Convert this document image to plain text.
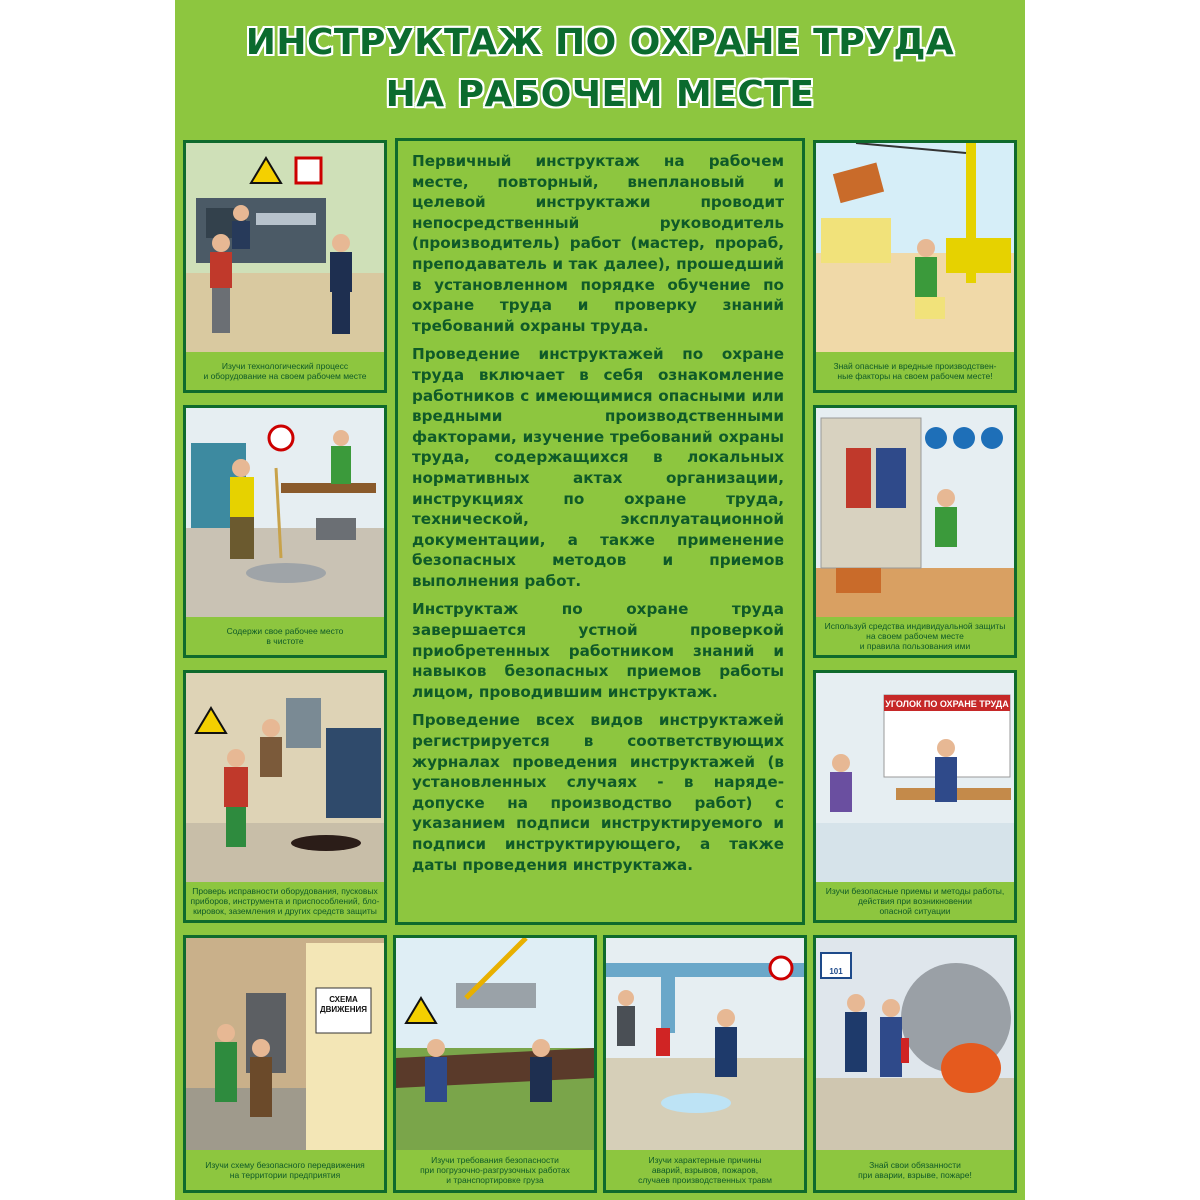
ИНСТРУКТАЖ ПО ОХРАНЕ ТРУДА
НА РАБОЧЕМ МЕСТЕ
Изучи технологический процесс
и оборудование на своем рабочем месте
Содержи свое рабочее место
в чистоте
Проверь исправности оборудования, пусковых
приборов, инструмента и приспособлений, бло-
кировок, заземления и других средств защиты
СХЕМА
ДВИЖЕНИЯ
Изучи схему безопасного передвижения
на территории предприятия
Изучи требования безопасности
при погрузочно-разгрузочных работах
и транспортировке груза
Изучи характерные причины
аварий, взрывов, пожаров,
случаев производственных травм
101
Знай свои обязанности
при аварии, взрыве, пожаре!
Знай опасные и вредные производствен-
ные факторы на своем рабочем месте!
Используй средства индивидуальной защиты
на своем рабочем месте
и правила пользования ими
УГОЛОК ПО ОХРАНЕ ТРУДА
Изучи безопасные приемы и методы работы,
действия при возникновении
опасной ситуации

Первичный инструктаж на рабочем месте, повторный, внеплановый и целевой инструктажи проводит непосредственный руководитель (производитель) работ (мастер, прораб, преподаватель и так далее), прошедший в установленном порядке обучение по охране труда и проверку знаний требований охраны труда.

Проведение инструктажей по охране труда включает в себя ознакомление работников с имеющимися опасными или вредными производственными факторами, изучение требований охраны труда, содержащихся в локальных нормативных актах организации, инструкциях по охране труда, технической, эксплуатационной документации, а также применение безопасных методов и приемов выполнения работ.

Инструктаж по охране труда завершается устной проверкой приобретенных работником знаний и навыков безопасных приемов работы лицом, проводившим инструктаж.

Проведение всех видов инструктажей регистрируется в соответствующих журналах проведения инструктажей (в установленных случаях - в наряде-допуске на производство работ) с указанием подписи инструктируемого и подписи инструктирующего, а также даты проведения инструктажа.
